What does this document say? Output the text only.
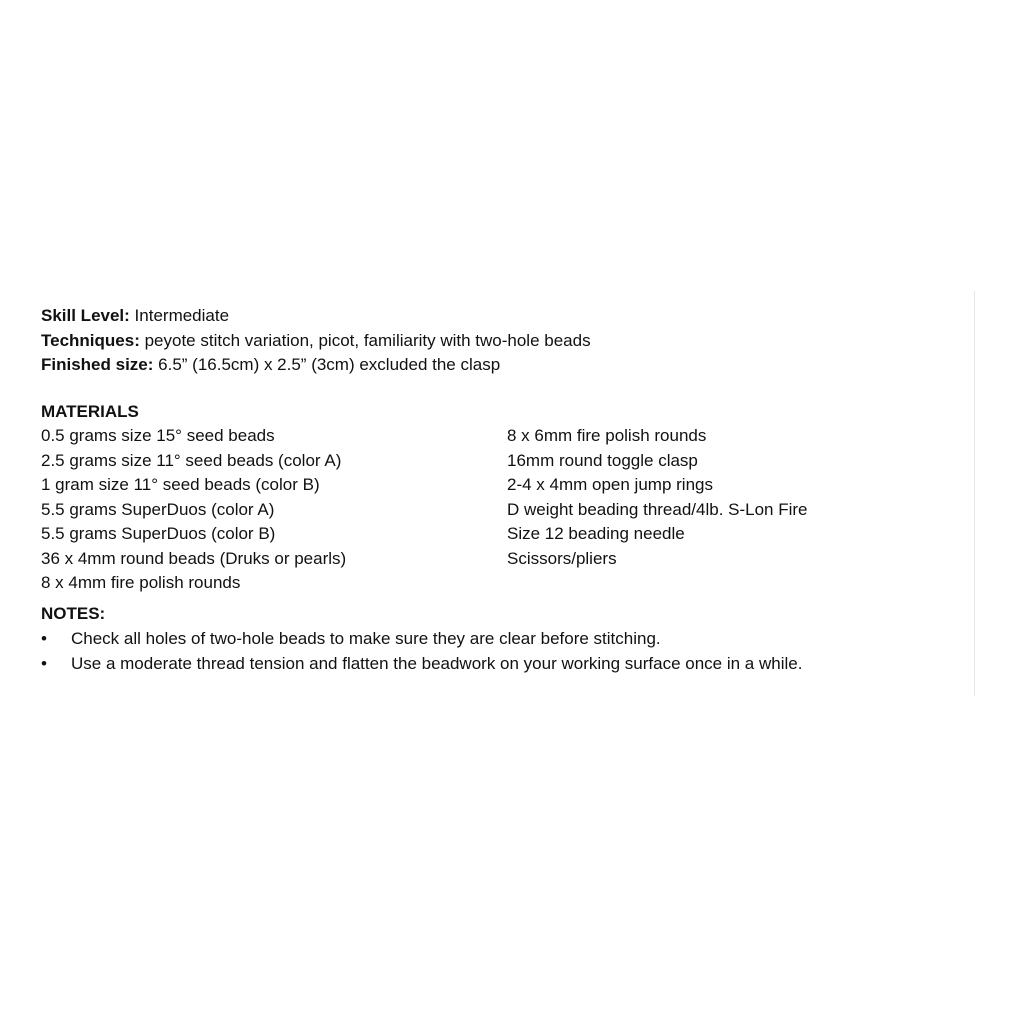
Skill Level: Intermediate
Techniques: peyote stitch variation, picot, familiarity with two-hole beads
Finished size: 6.5” (16.5cm) x 2.5” (3cm) excluded the clasp
MATERIALS
0.5 grams size 15° seed beads
2.5 grams size 11° seed beads (color A)
1 gram size 11° seed beads (color B)
5.5 grams SuperDuos (color A)
5.5 grams SuperDuos (color B)
36 x 4mm round beads (Druks or pearls)
8 x 4mm fire polish rounds
8 x 6mm fire polish rounds
16mm round toggle clasp
2-4 x 4mm open jump rings
D weight beading thread/4lb. S-Lon Fire
Size 12 beading needle
Scissors/pliers
NOTES:
• Check all holes of two-hole beads to make sure they are clear before stitching.
• Use a moderate thread tension and flatten the beadwork on your working surface once in a while.
